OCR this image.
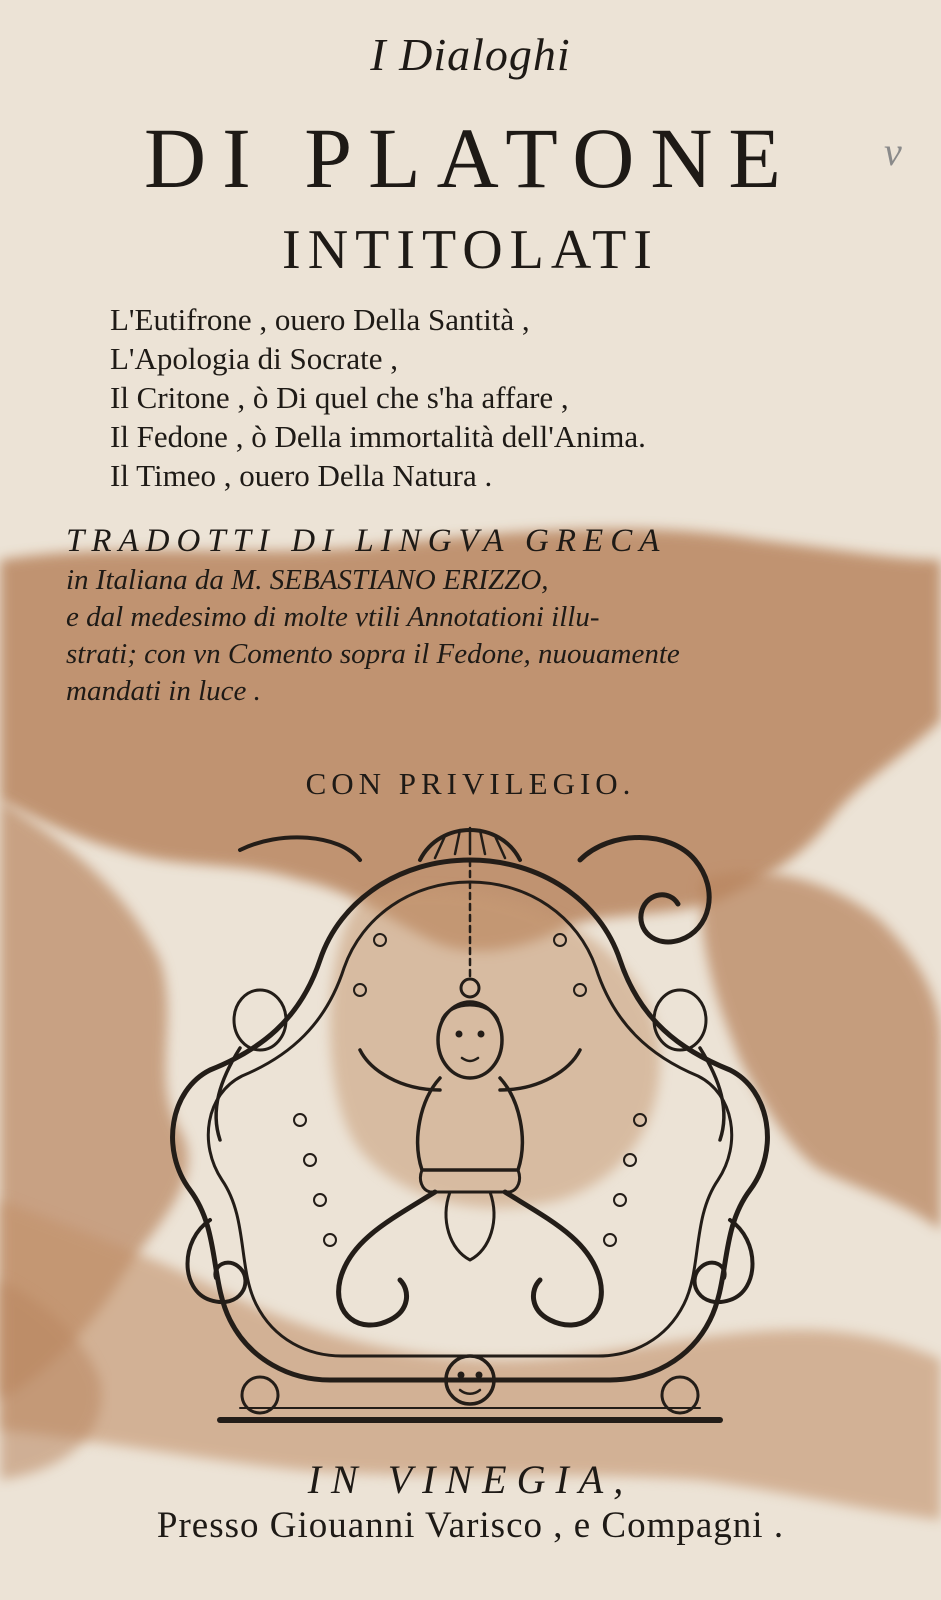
v
I Dialoghi
DI PLATONE
INTITOLATI
L'Eutifrone , ouero Della Santità ,
L'Apologia di Socrate ,
Il Critone , ò Di quel che s'ha affare ,
Il Fedone , ò Della immortalità dell'Anima.
Il Timeo , ouero Della Natura .
TRADOTTI DI LINGVA GRECA
in Italiana da M. SEBASTIANO ERIZZO,
e dal medesimo di molte vtili Annotationi illu-
strati; con vn Comento sopra il Fedone, nuouamente
mandati in luce .
CON PRIVILEGIO.
IN VINEGIA,
Presso Giouanni Varisco , e Compagni .
